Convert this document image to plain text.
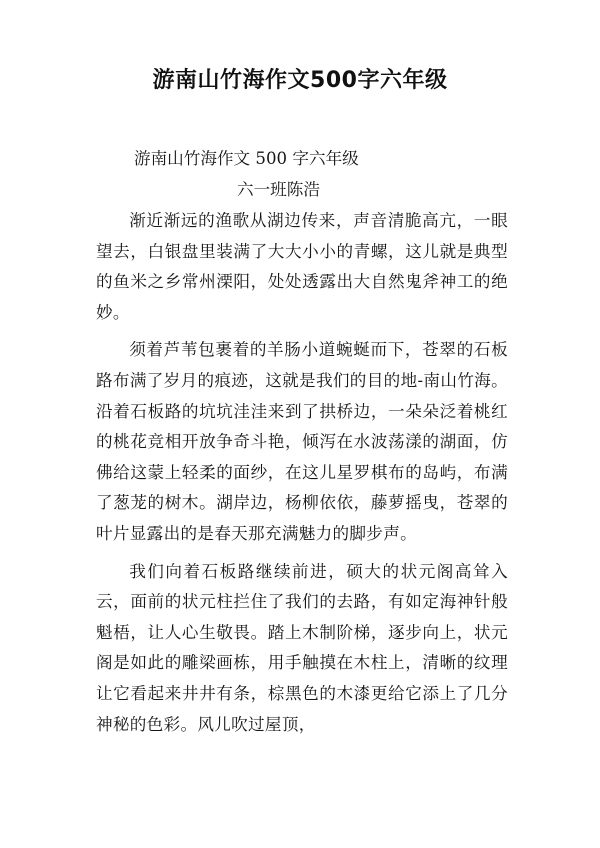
游南山竹海作文500字六年级
游南山竹海作文 500 字六年级
六一班陈浩

渐近渐远的渔歌从湖边传来，声音清脆高亢，一眼望去，白银盘里装满了大大小小的青螺，这儿就是典型的鱼米之乡常州溧阳，处处透露出大自然鬼斧神工的绝妙。

须着芦苇包裹着的羊肠小道蜿蜒而下，苍翠的石板路布满了岁月的痕迹，这就是我们的目的地-南山竹海。沿着石板路的坑坑洼洼来到了拱桥边，一朵朵泛着桃红的桃花竞相开放争奇斗艳，倾泻在水波荡漾的湖面，仿佛给这蒙上轻柔的面纱，在这儿星罗棋布的岛屿，布满了葱茏的树木。湖岸边，杨柳依依，藤萝摇曳，苍翠的叶片显露出的是春天那充满魅力的脚步声。

我们向着石板路继续前进，硕大的状元阁高耸入云，面前的状元柱拦住了我们的去路，有如定海神针般魁梧，让人心生敬畏。踏上木制阶梯，逐步向上，状元阁是如此的雕梁画栋，用手触摸在木柱上，清晰的纹理让它看起来井井有条，棕黑色的木漆更给它添上了几分神秘的色彩。风儿吹过屋顶，
